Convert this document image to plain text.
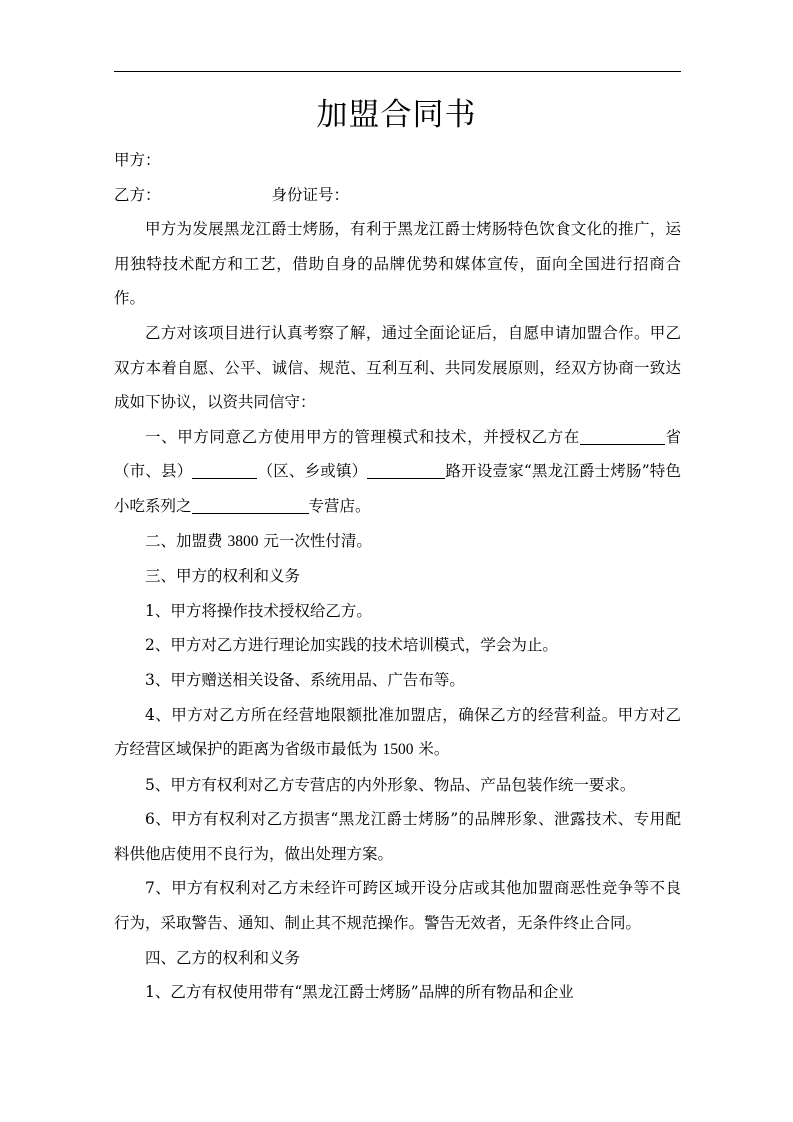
加盟合同书

甲方：

乙方：	身份证号：

甲方为发展黑龙江爵士烤肠，有利于黑龙江爵士烤肠特色饮食文化的推广，运用独特技术配方和工艺，借助自身的品牌优势和媒体宣传，面向全国进行招商合作。

乙方对该项目进行认真考察了解，通过全面论证后，自愿申请加盟合作。甲乙双方本着自愿、公平、诚信、规范、互利互利、共同发展原则，经双方协商一致达成如下协议，以资共同信守：

一、甲方同意乙方使用甲方的管理模式和技术，并授权乙方在	省（市、县）	（区、乡或镇）	路开设壹家“黑龙江爵士烤肠”特色小吃系列之	专营店。

二、加盟费 3800 元一次性付清。

三、甲方的权利和义务

1、甲方将操作技术授权给乙方。

2、甲方对乙方进行理论加实践的技术培训模式，学会为止。

3、甲方赠送相关设备、系统用品、广告布等。

4、甲方对乙方所在经营地限额批准加盟店，确保乙方的经营利益。甲方对乙方经营区域保护的距离为省级市最低为 1500 米。

5、甲方有权利对乙方专营店的内外形象、物品、产品包装作统一要求。

6、甲方有权利对乙方损害“黑龙江爵士烤肠”的品牌形象、泄露技术、专用配料供他店使用不良行为，做出处理方案。

7、甲方有权利对乙方未经许可跨区域开设分店或其他加盟商恶性竞争等不良行为，采取警告、通知、制止其不规范操作。警告无效者，无条件终止合同。

四、乙方的权利和义务

1、乙方有权使用带有“黑龙江爵士烤肠”品牌的所有物品和企业
